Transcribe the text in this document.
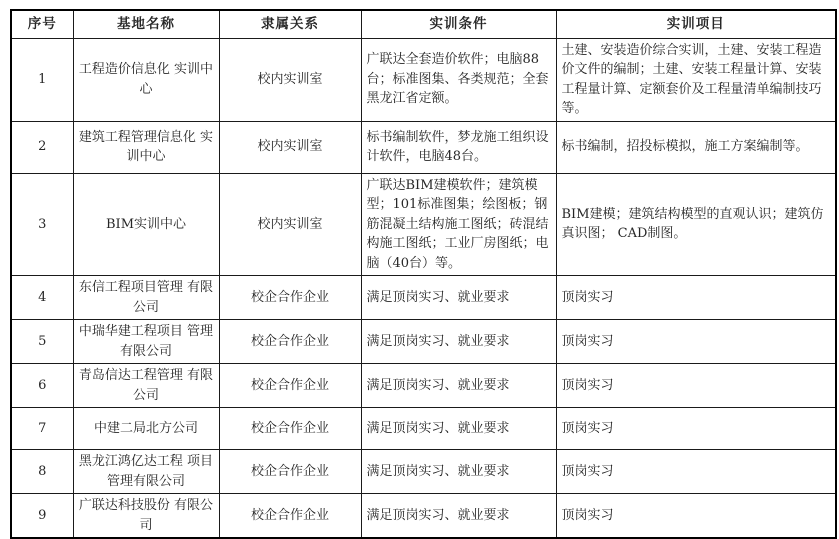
序号	基地名称	隶属关系	实训条件	实训项目
1	工程造价信息化 实训中心	校内实训室	广联达全套造价软件；电脑88台；标准图集、各类规范；全套黑龙江省定额。	土建、安装造价综合实训，土建、安装工程造价文件的编制；土建、安装工程量计算、安装工程量计算、定额套价及工程量清单编制技巧等。
2	建筑工程管理信息化 实训中心	校内实训室	标书编制软件，梦龙施工组织设计软件，电脑48台。	标书编制，招投标模拟，施工方案编制等。
3	BIM实训中心	校内实训室	广联达BIM建模软件；建筑模型；101标准图集；绘图板；钢筋混凝土结构施工图纸；砖混结构施工图纸；工业厂房图纸；电脑（40台）等。	BIM建模；建筑结构模型的直观认识；建筑仿真识图； CAD制图。
4	东信工程项目管理 有限公司	校企合作企业	满足顶岗实习、就业要求	顶岗实习
5	中瑞华建工程项目 管理有限公司	校企合作企业	满足顶岗实习、就业要求	顶岗实习
6	青岛信达工程管理 有限公司	校企合作企业	满足顶岗实习、就业要求	顶岗实习
7	中建二局北方公司	校企合作企业	满足顶岗实习、就业要求	顶岗实习
8	黑龙江鸿亿达工程 项目管理有限公司	校企合作企业	满足顶岗实习、就业要求	顶岗实习
9	广联达科技股份 有限公司	校企合作企业	满足顶岗实习、就业要求	顶岗实习
